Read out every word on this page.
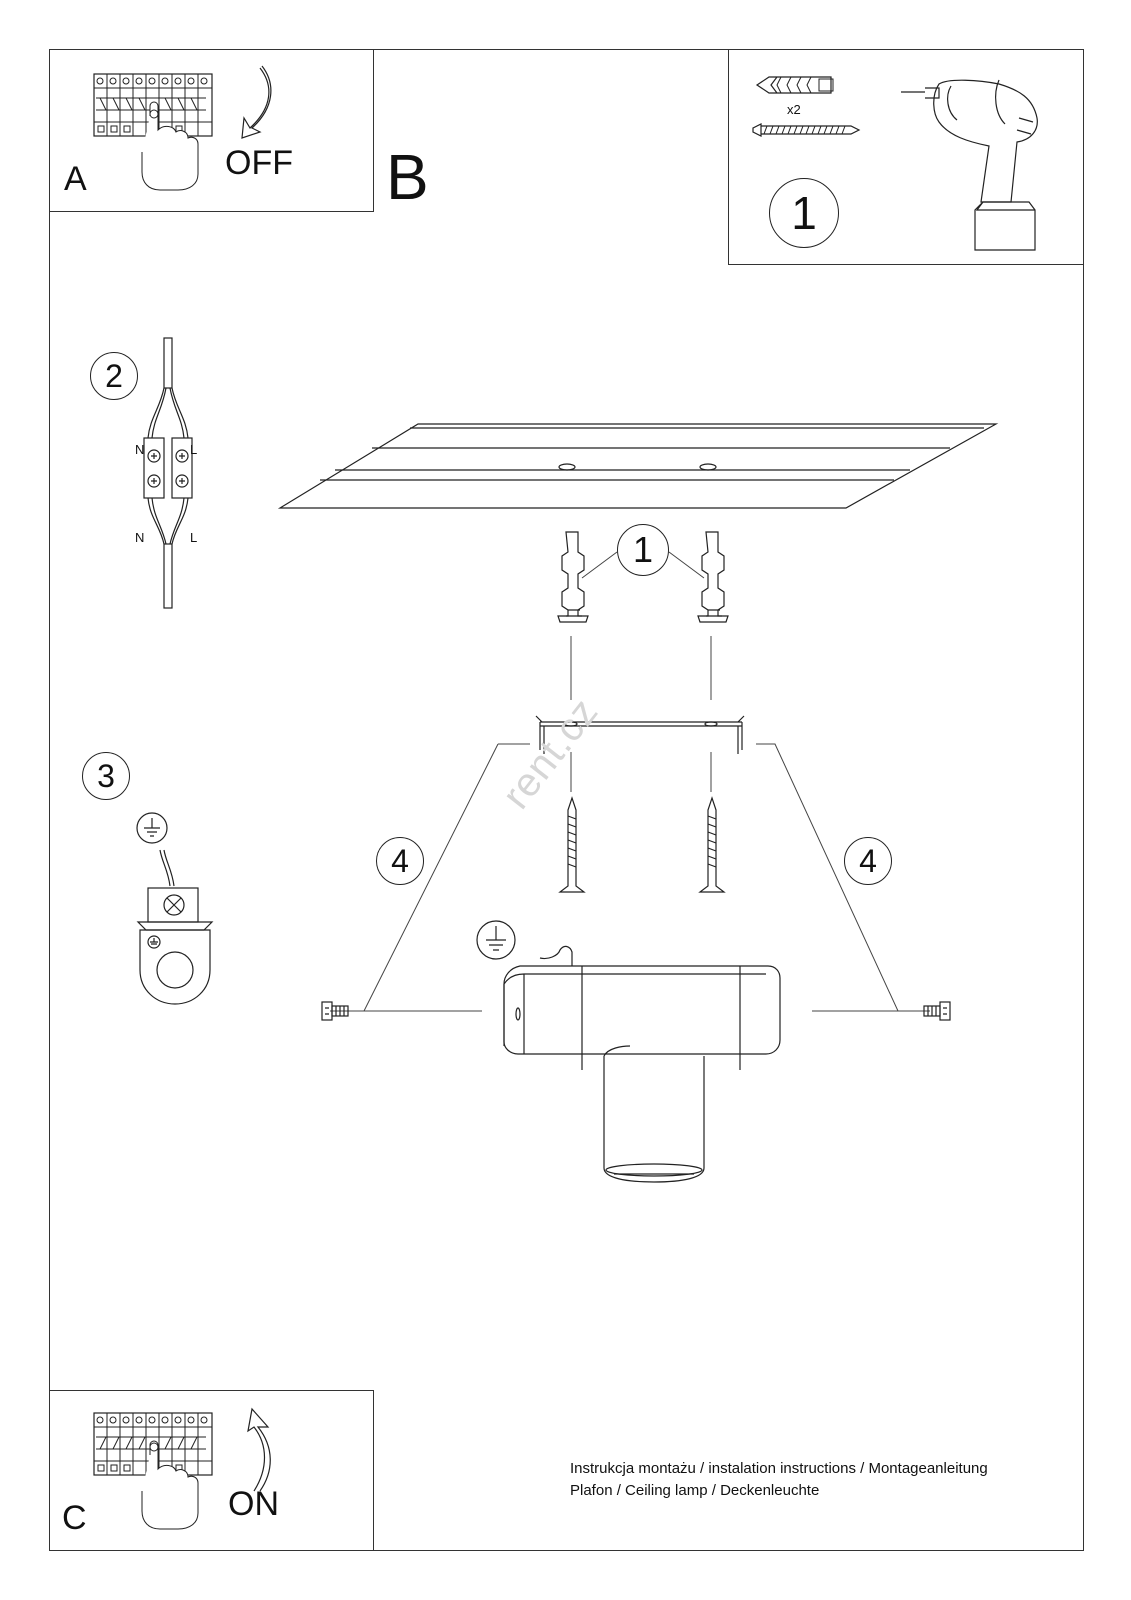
A	OFF B
x2
1
2
N	L
N	L
3
1
4	4
rent.cz
C	ON
Instrukcja montażu / instalation instructions / Montageanleitung
Plafon / Ceiling lamp / Deckenleuchte
